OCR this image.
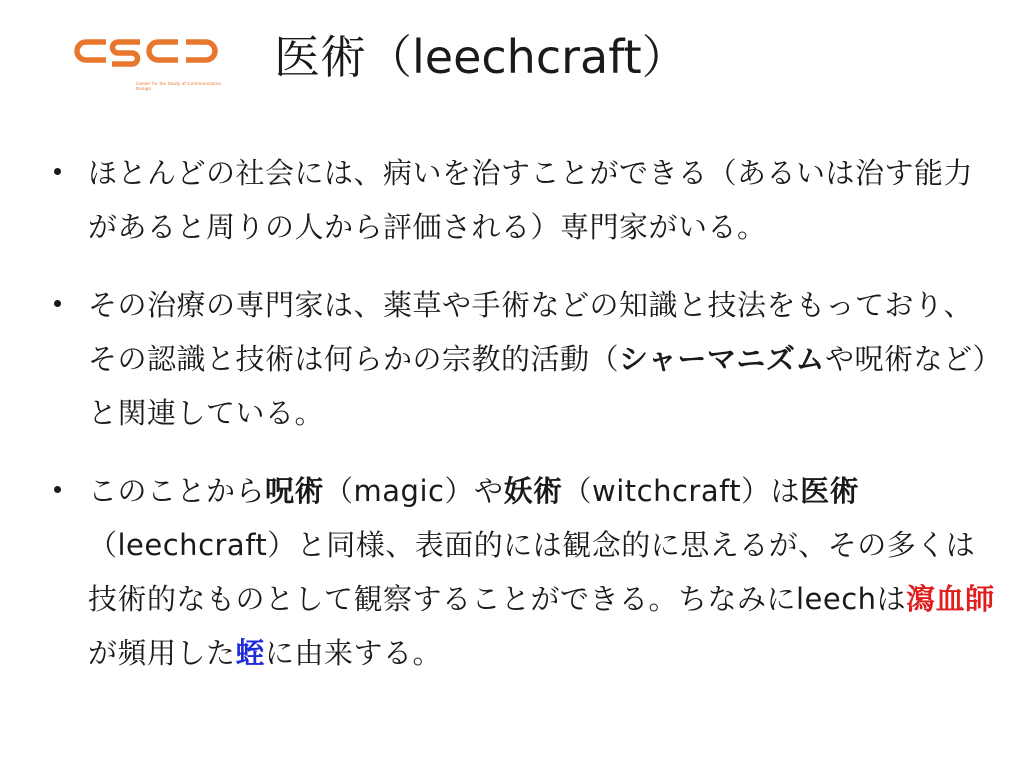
Center for the Study of Communication Design
医術（leechcraft）
ほとんどの社会には、病いを治すことができる（あるいは治す能力があると周りの人から評価される）専門家がいる。
その治療の専門家は、薬草や手術などの知識と技法をもっており、その認識と技術は何らかの宗教的活動（シャーマニズムや呪術など）と関連している。
このことから呪術（magic）や妖術（witchcraft）は医術（leechcraft）と同様、表面的には観念的に思えるが、その多くは技術的なものとして観察することができる。ちなみにleechは瀉血師が頻用した蛭に由来する。
